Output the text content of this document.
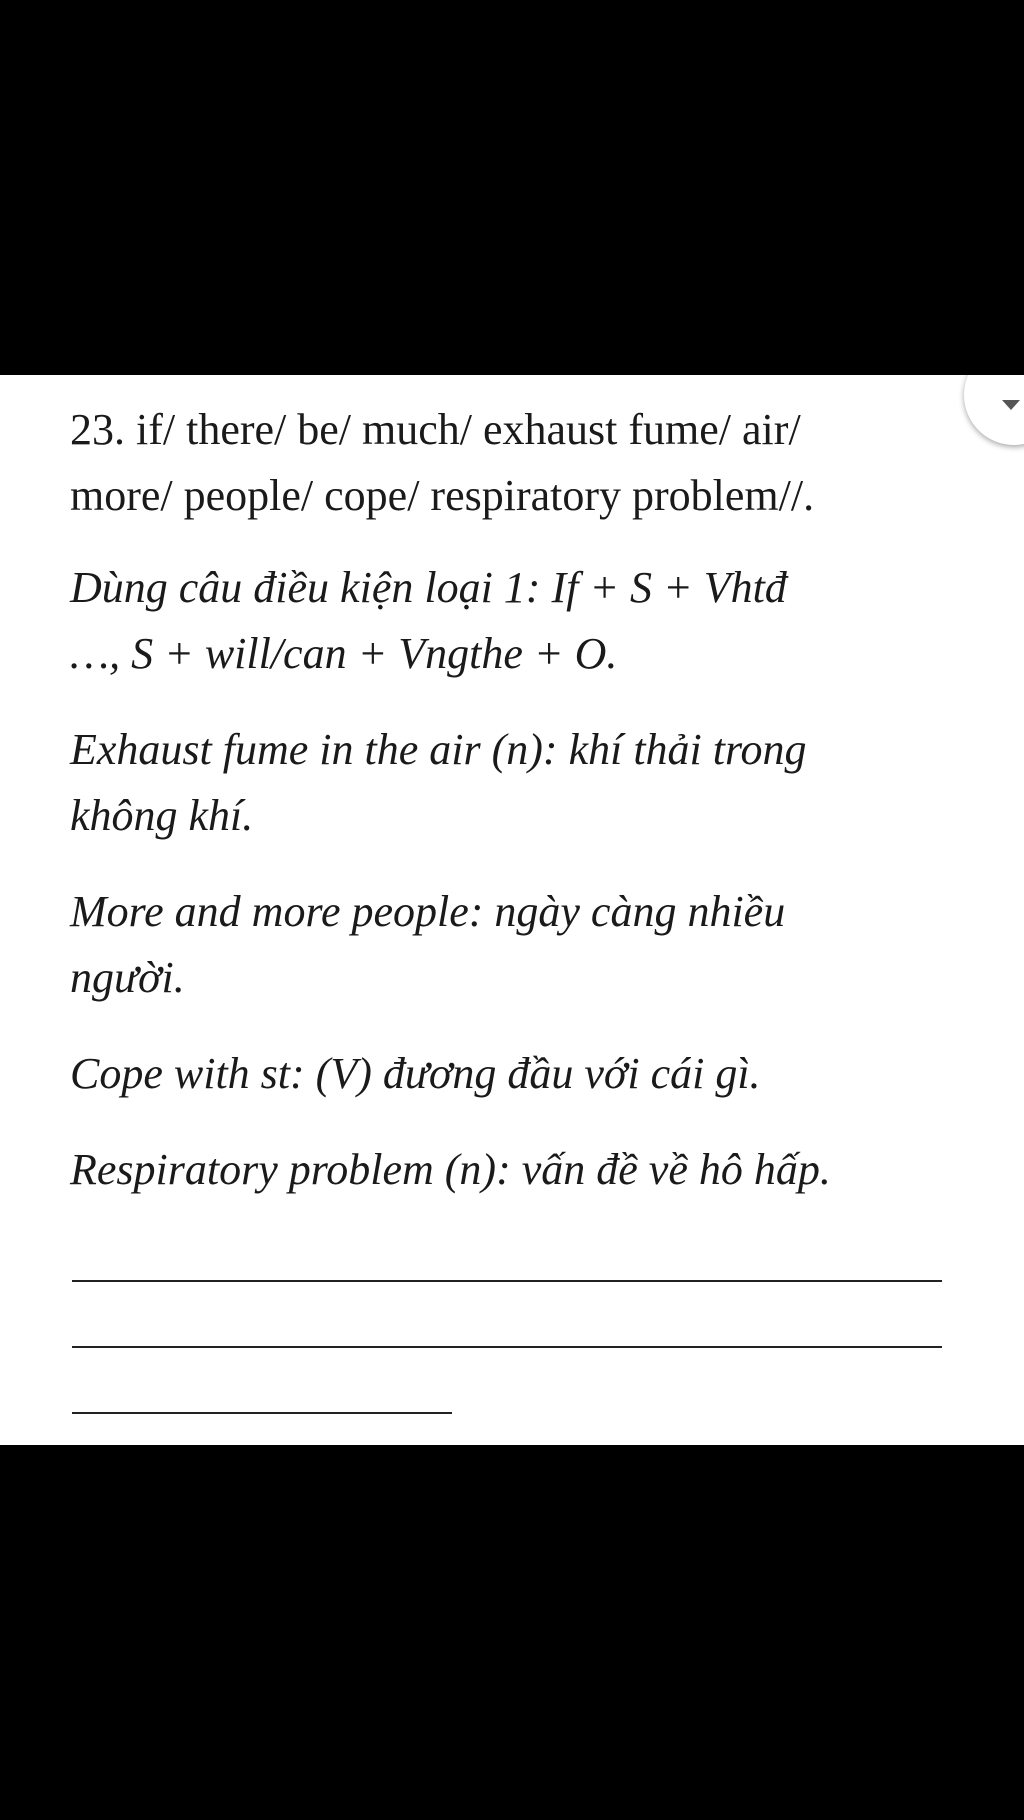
23. if/ there/ be/ much/ exhaust fume/ air/
more/ people/ cope/ respiratory problem//.
Dùng câu điều kiện loại 1: If + S + Vhtđ
…, S + will/can + Vngthe + O.
Exhaust fume in the air (n): khí thải trong
không khí.
More and more people: ngày càng nhiều
người.
Cope with st: (V) đương đầu với cái gì.
Respiratory problem (n): vấn đề về hô hấp.
